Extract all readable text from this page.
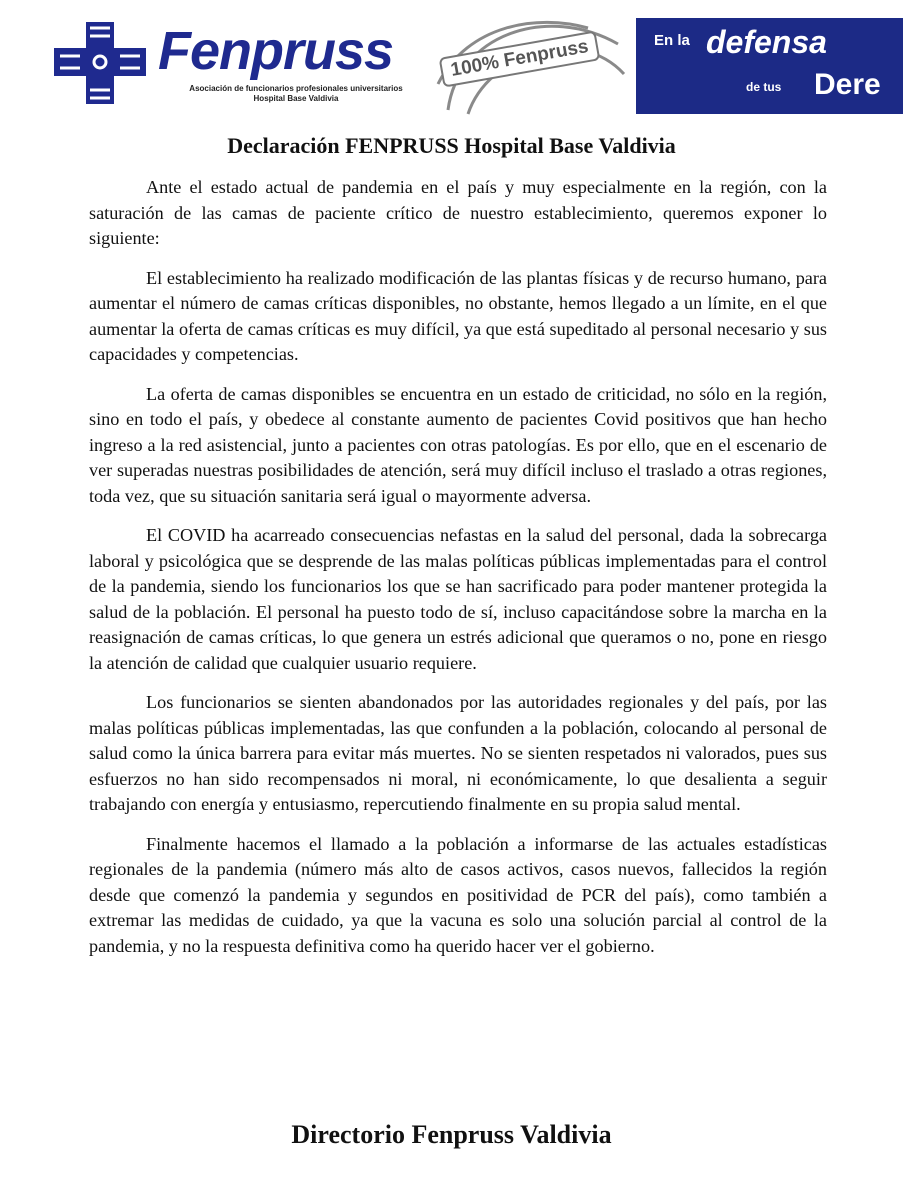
Fenpruss
Asociación de funcionarios profesionales universitarios
Hospital Base Valdivia
100% Fenpruss	En la defensa
de tus Dere
Declaración FENPRUSS Hospital Base Valdivia

Ante el estado actual de pandemia en el país y muy especialmente en la región, con la saturación de las camas de paciente crítico de nuestro establecimiento, queremos exponer lo siguiente:

El establecimiento ha realizado modificación de las plantas físicas y de recurso humano, para aumentar el número de camas críticas disponibles, no obstante, hemos llegado a un límite, en el que aumentar la oferta de camas críticas es muy difícil, ya que está supeditado al personal necesario y sus capacidades y competencias.

La oferta de camas disponibles se encuentra en un estado de criticidad, no sólo en la región, sino en todo el país, y obedece al constante aumento de pacientes Covid positivos que han hecho ingreso a la red asistencial, junto a pacientes con otras patologías. Es por ello, que en el escenario de ver superadas nuestras posibilidades de atención, será muy difícil incluso el traslado a otras regiones, toda vez, que su situación sanitaria será igual o mayormente adversa.

El COVID ha acarreado consecuencias nefastas en la salud del personal, dada la sobrecarga laboral y psicológica que se desprende de las malas políticas públicas implementadas para el control de la pandemia, siendo los funcionarios los que se han sacrificado para poder mantener protegida la salud de la población. El personal ha puesto todo de sí, incluso capacitándose sobre la marcha en la reasignación de camas críticas, lo que genera un estrés adicional que queramos o no, pone en riesgo la atención de calidad que cualquier usuario requiere.

Los funcionarios se sienten abandonados por las autoridades regionales y del país, por las malas políticas públicas implementadas, las que confunden a la población, colocando al personal de salud como la única barrera para evitar más muertes. No se sienten respetados ni valorados, pues sus esfuerzos no han sido recompensados ni moral, ni económicamente, lo que desalienta a seguir trabajando con energía y entusiasmo, repercutiendo finalmente en su propia salud mental.

Finalmente hacemos el llamado a la población a informarse de las actuales estadísticas regionales de la pandemia (número más alto de casos activos, casos nuevos, fallecidos la región desde que comenzó la pandemia y segundos en positividad de PCR del país), como también a extremar las medidas de cuidado, ya que la vacuna es solo una solución parcial al control de la pandemia, y no la respuesta definitiva como ha querido hacer ver el gobierno.

Directorio Fenpruss Valdivia
